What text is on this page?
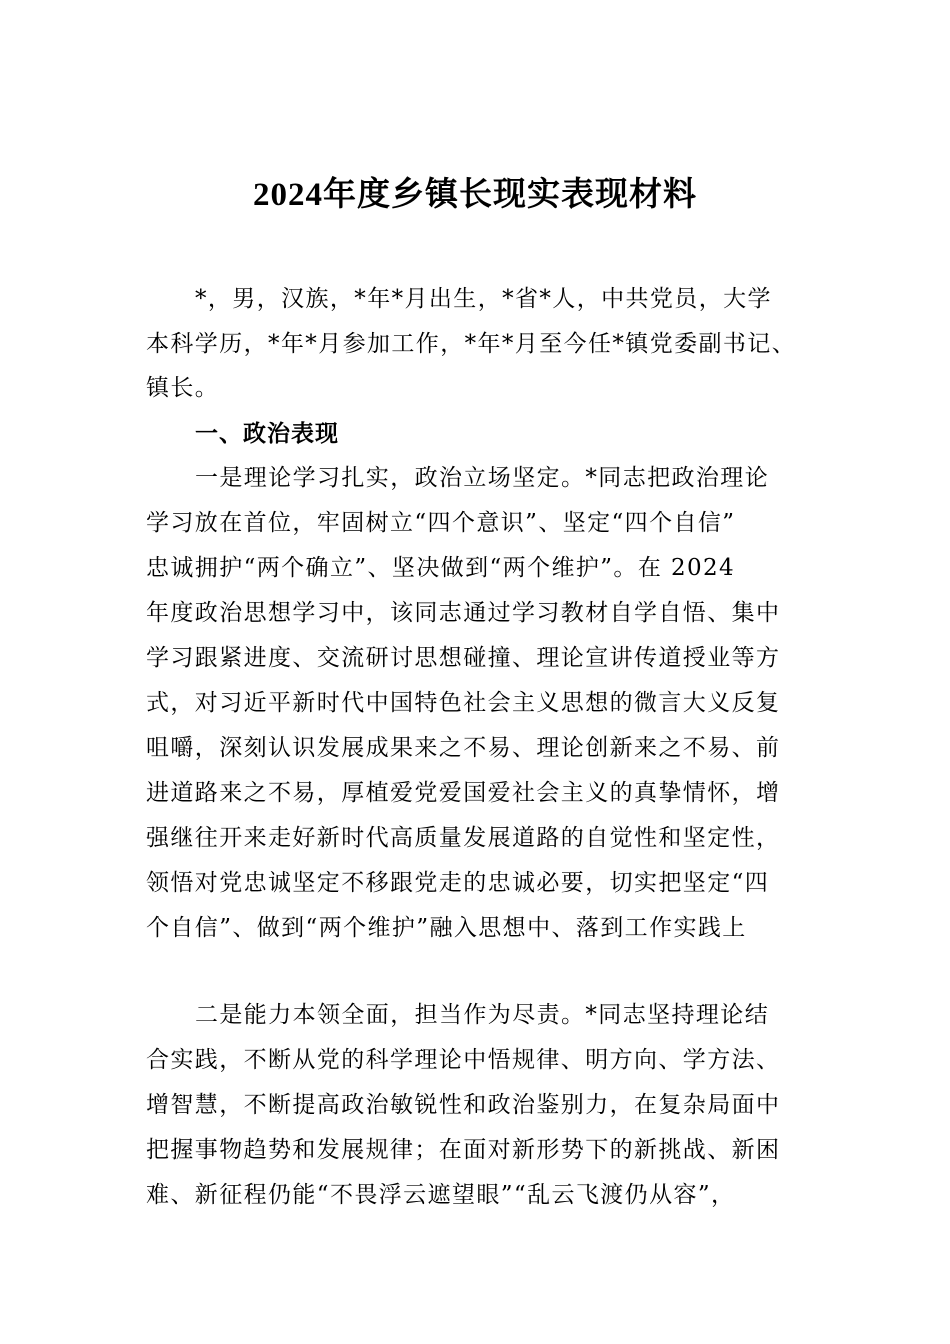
2024年度乡镇长现实表现材料
*，男，汉族，*年*月出生，*省*人，中共党员，大学
本科学历，*年*月参加工作，*年*月至今任*镇党委副书记、
镇长。
一、政治表现
一是理论学习扎实，政治立场坚定。*同志把政治理论
学习放在首位，牢固树立“四个意识”、坚定“四个自信”
忠诚拥护“两个确立”、坚决做到“两个维护”。在 2024
年度政治思想学习中，该同志通过学习教材自学自悟、集中
学习跟紧进度、交流研讨思想碰撞、理论宣讲传道授业等方
式，对习近平新时代中国特色社会主义思想的微言大义反复
咀嚼，深刻认识发展成果来之不易、理论创新来之不易、前
进道路来之不易，厚植爱党爱国爱社会主义的真挚情怀，增
强继往开来走好新时代高质量发展道路的自觉性和坚定性，
领悟对党忠诚坚定不移跟党走的忠诚必要，切实把坚定“四
个自信”、做到“两个维护”融入思想中、落到工作实践上
二是能力本领全面，担当作为尽责。*同志坚持理论结
合实践，不断从党的科学理论中悟规律、明方向、学方法、
增智慧，不断提高政治敏锐性和政治鉴别力，在复杂局面中
把握事物趋势和发展规律；在面对新形势下的新挑战、新困
难、新征程仍能“不畏浮云遮望眼”“乱云飞渡仍从容”，
